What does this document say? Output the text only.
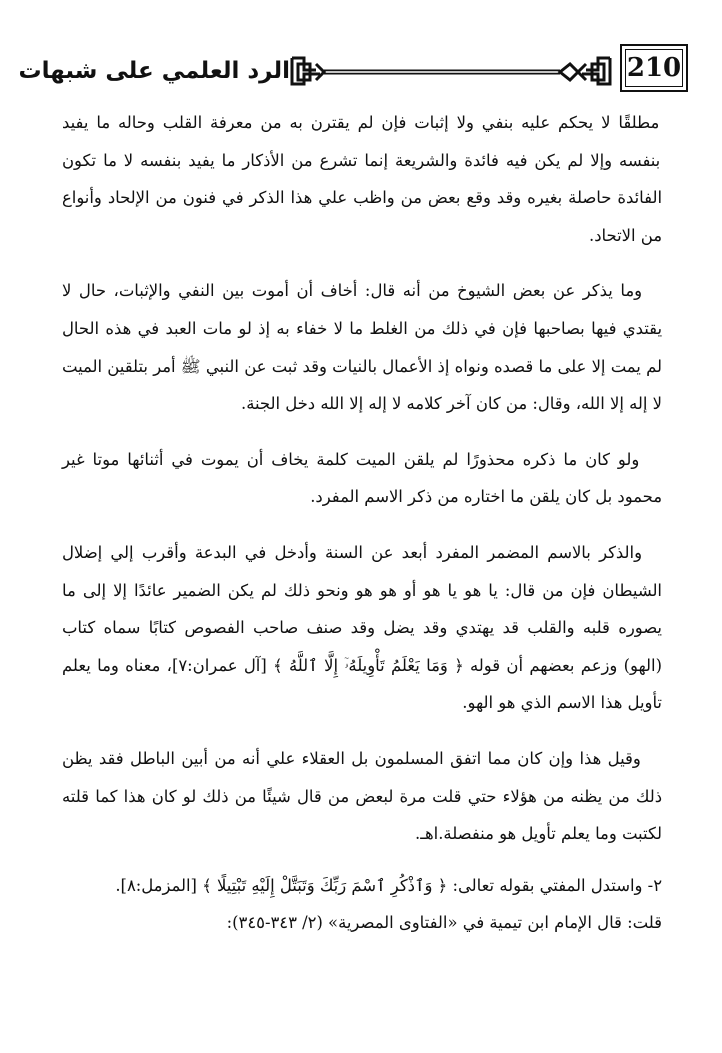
210
الرد العلمي على شبهات

مطلقًا لا يحكم عليه بنفي ولا إثبات فإن لم يقترن به من معرفة القلب وحاله ما يفيد بنفسه وإلا لم يكن فيه فائدة والشريعة إنما تشرع من الأذكار ما يفيد بنفسه لا ما تكون الفائدة حاصلة بغيره وقد وقع بعض من واظب علي هذا الذكر في فنون من الإلحاد وأنواع من الاتحاد.

وما يذكر عن بعض الشيوخ من أنه قال: أخاف أن أموت بين النفي والإثبات، حال لا يقتدي فيها بصاحبها فإن في ذلك من الغلط ما لا خفاء به إذ لو مات العبد في هذه الحال لم يمت إلا على ما قصده ونواه إذ الأعمال بالنيات وقد ثبت عن النبي ﷺ أمر بتلقين الميت لا إله إلا الله، وقال: من كان آخر كلامه لا إله إلا الله دخل الجنة.

ولو كان ما ذكره محذورًا لم يلقن الميت كلمة يخاف أن يموت في أثنائها موتا غير محمود بل كان يلقن ما اختاره من ذكر الاسم المفرد.

والذكر بالاسم المضمر المفرد أبعد عن السنة وأدخل في البدعة وأقرب إلي إضلال الشيطان فإن من قال: يا هو يا هو أو هو هو ونحو ذلك لم يكن الضمير عائدًا إلا إلى ما يصوره قلبه والقلب قد يهتدي وقد يضل وقد صنف صاحب الفصوص كتابًا سماه كتاب (الهو) وزعم بعضهم أن قوله ﴿ وَمَا يَعْلَمُ تَأْوِيلَهُۥٓ إِلَّا ٱللَّهُ ﴾ [آل عمران:٧]، معناه وما يعلم تأويل هذا الاسم الذي هو الهو.

وقيل هذا وإن كان مما اتفق المسلمون بل العقلاء علي أنه من أبين الباطل فقد يظن ذلك من يظنه من هؤلاء حتي قلت مرة لبعض من قال شيئًا من ذلك لو كان هذا كما قلته لكتبت وما يعلم تأويل هو منفصلة.اهـ.

٢- واستدل المفتي بقوله تعالى: ﴿ وَٱذْكُرِ ٱسْمَ رَبِّكَ وَتَبَتَّلْ إِلَيْهِ تَبْتِيلًا ﴾ [المزمل:٨].
قلت: قال الإمام ابن تيمية في «الفتاوى المصرية» (٢/ ٣٤٣-٣٤٥):
